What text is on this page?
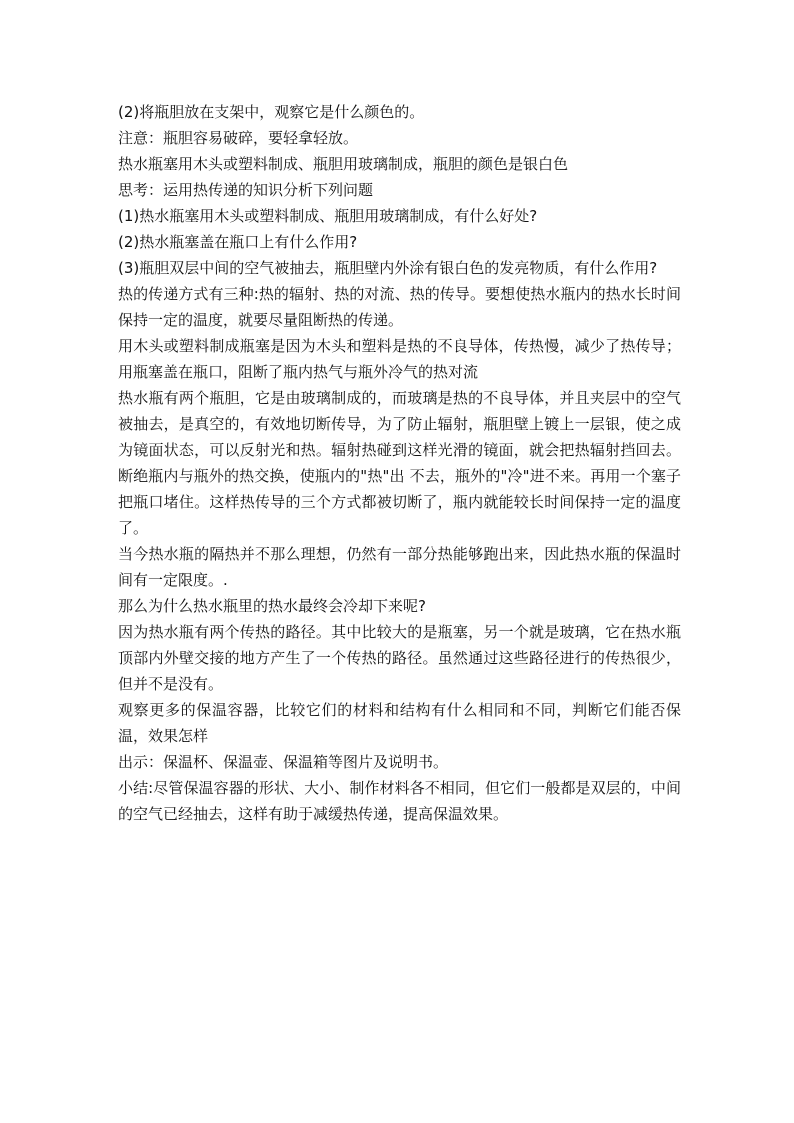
(2)将瓶胆放在支架中，观察它是什么颜色的。

注意：瓶胆容易破碎，要轻拿轻放。

热水瓶塞用木头或塑料制成、瓶胆用玻璃制成，瓶胆的颜色是银白色

思考：运用热传递的知识分析下列问题

(1)热水瓶塞用木头或塑料制成、瓶胆用玻璃制成，有什么好处?

(2)热水瓶塞盖在瓶口上有什么作用?

(3)瓶胆双层中间的空气被抽去，瓶胆壁内外涂有银白色的发亮物质，有什么作用?

热的传递方式有三种:热的辐射、热的对流、热的传导。要想使热水瓶内的热水长时间保持一定的温度，就要尽量阻断热的传递。

用木头或塑料制成瓶塞是因为木头和塑料是热的不良导体，传热慢，减少了热传导；用瓶塞盖在瓶口，阻断了瓶内热气与瓶外冷气的热对流

热水瓶有两个瓶胆，它是由玻璃制成的，而玻璃是热的不良导体，并且夹层中的空气被抽去，是真空的，有效地切断传导，为了防止辐射，瓶胆壁上镀上一层银，使之成为镜面状态，可以反射光和热。辐射热碰到这样光滑的镜面，就会把热辐射挡回去。断绝瓶内与瓶外的热交换，使瓶内的"热"出 不去，瓶外的"冷"进不来。再用一个塞子把瓶口堵住。这样热传导的三个方式都被切断了，瓶内就能较长时间保持一定的温度了。

当今热水瓶的隔热并不那么理想，仍然有一部分热能够跑出来，因此热水瓶的保温时间有一定限度。.

那么为什么热水瓶里的热水最终会冷却下来呢?

因为热水瓶有两个传热的路径。其中比较大的是瓶塞，另一个就是玻璃，它在热水瓶顶部内外壁交接的地方产生了一个传热的路径。虽然通过这些路径进行的传热很少，但并不是没有。

观察更多的保温容器，比较它们的材料和结构有什么相同和不同，判断它们能否保温，效果怎样

出示：保温杯、保温壶、保温箱等图片及说明书。

小结:尽管保温容器的形状、大小、制作材料各不相同，但它们一般都是双层的，中间的空气已经抽去，这样有助于减缓热传递，提高保温效果。
